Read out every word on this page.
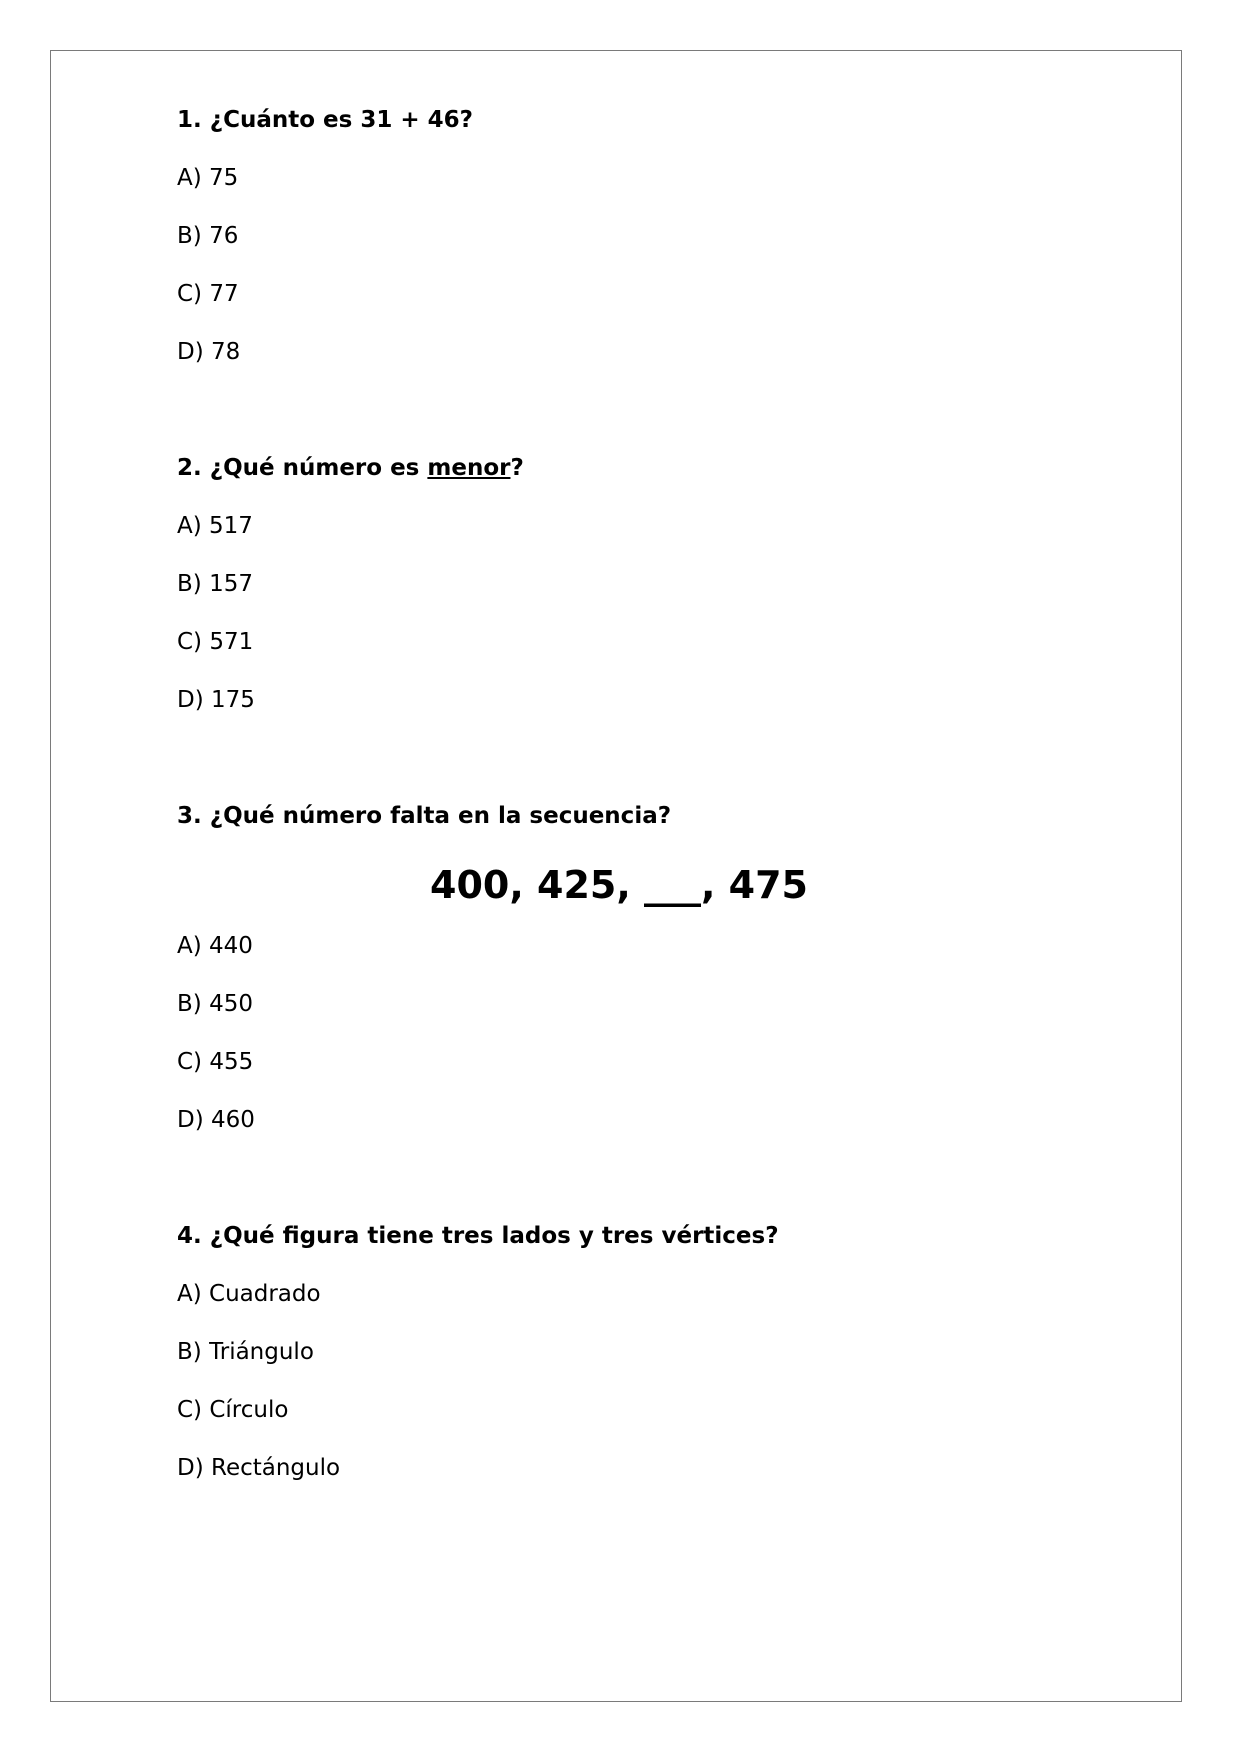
1. ¿Cuánto es 31 + 46?
A) 75
B) 76
C) 77
D) 78
2. ¿Qué número es menor?
A) 517
B) 157
C) 571
D) 175
3. ¿Qué número falta en la secuencia?
400, 425, ___, 475
A) 440
B) 450
C) 455
D) 460
4. ¿Qué figura tiene tres lados y tres vértices?
A) Cuadrado
B) Triángulo
C) Círculo
D) Rectángulo
